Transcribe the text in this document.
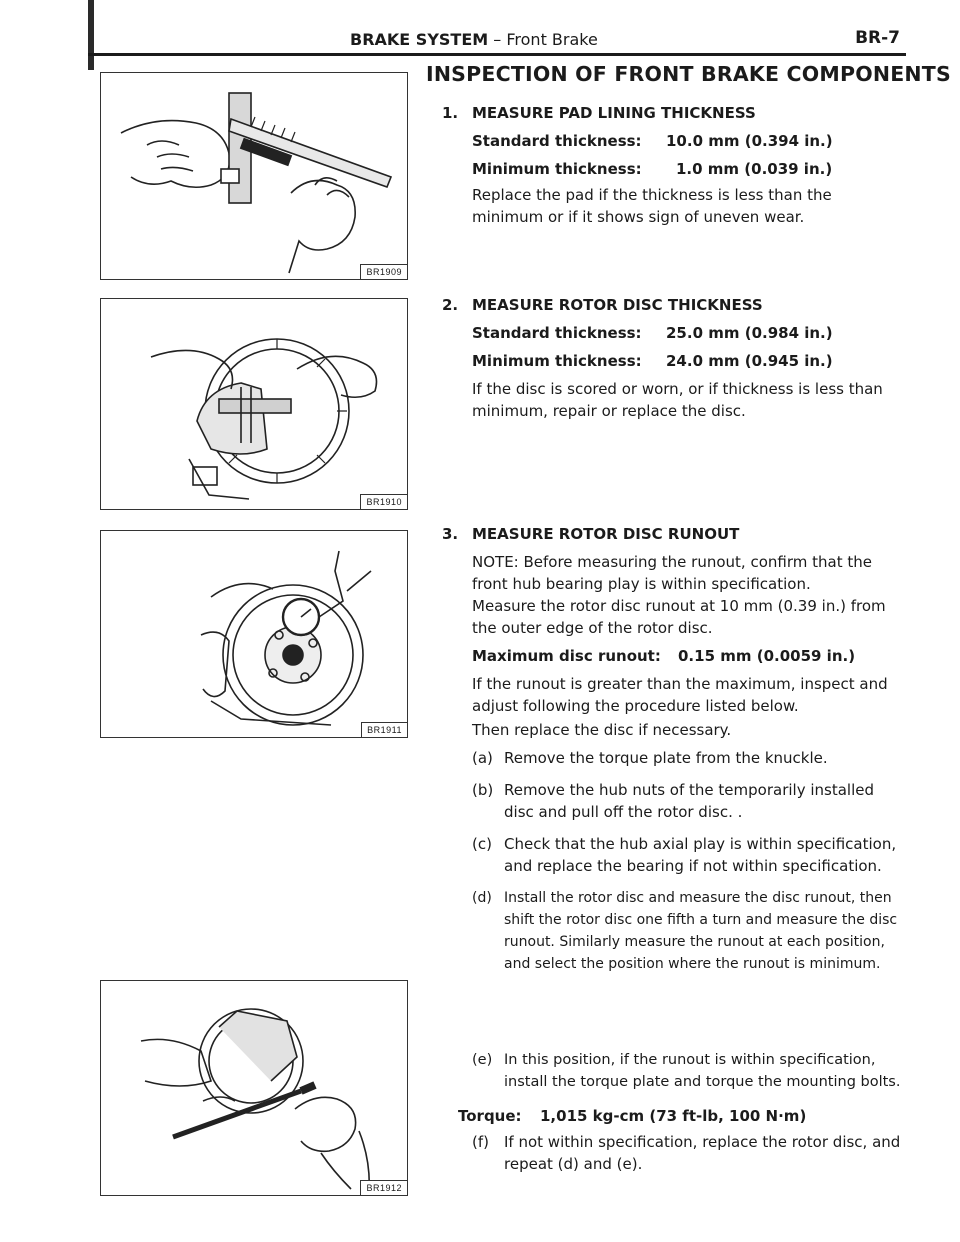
BRAKE SYSTEM – Front Brake	BR-7
BR1909
BR1910
BR1911
BR1912
INSPECTION OF FRONT BRAKE COMPONENTS
1. MEASURE PAD LINING THICKNESS
Standard thickness: 10.0 mm (0.394 in.)
Minimum thickness: 1.0 mm (0.039 in.)
Replace the pad if the thickness is less than the minimum or if it shows sign of uneven wear.
2. MEASURE ROTOR DISC THICKNESS
Standard thickness: 25.0 mm (0.984 in.)
Minimum thickness: 24.0 mm (0.945 in.)
If the disc is scored or worn, or if thickness is less than minimum, repair or replace the disc.
3. MEASURE ROTOR DISC RUNOUT
NOTE: Before measuring the runout, confirm that the front hub bearing play is within specification.
Measure the rotor disc runout at 10 mm (0.39 in.) from the outer edge of the rotor disc.
Maximum disc runout: 0.15 mm (0.0059 in.)
If the runout is greater than the maximum, inspect and adjust following the procedure listed below.
Then replace the disc if necessary.
(a) Remove the torque plate from the knuckle.
(b) Remove the hub nuts of the temporarily installed disc and pull off the rotor disc. .
(c) Check that the hub axial play is within specification, and replace the bearing if not within specification.
(d) Install the rotor disc and measure the disc runout, then shift the rotor disc one fifth a turn and measure the disc runout. Similarly measure the runout at each position, and select the position where the runout is minimum.
(e) In this position, if the runout is within specification, install the torque plate and torque the mounting bolts.
Torque: 1,015 kg-cm (73 ft-lb, 100 N·m)
(f) If not within specification, replace the rotor disc, and repeat (d) and (e).
